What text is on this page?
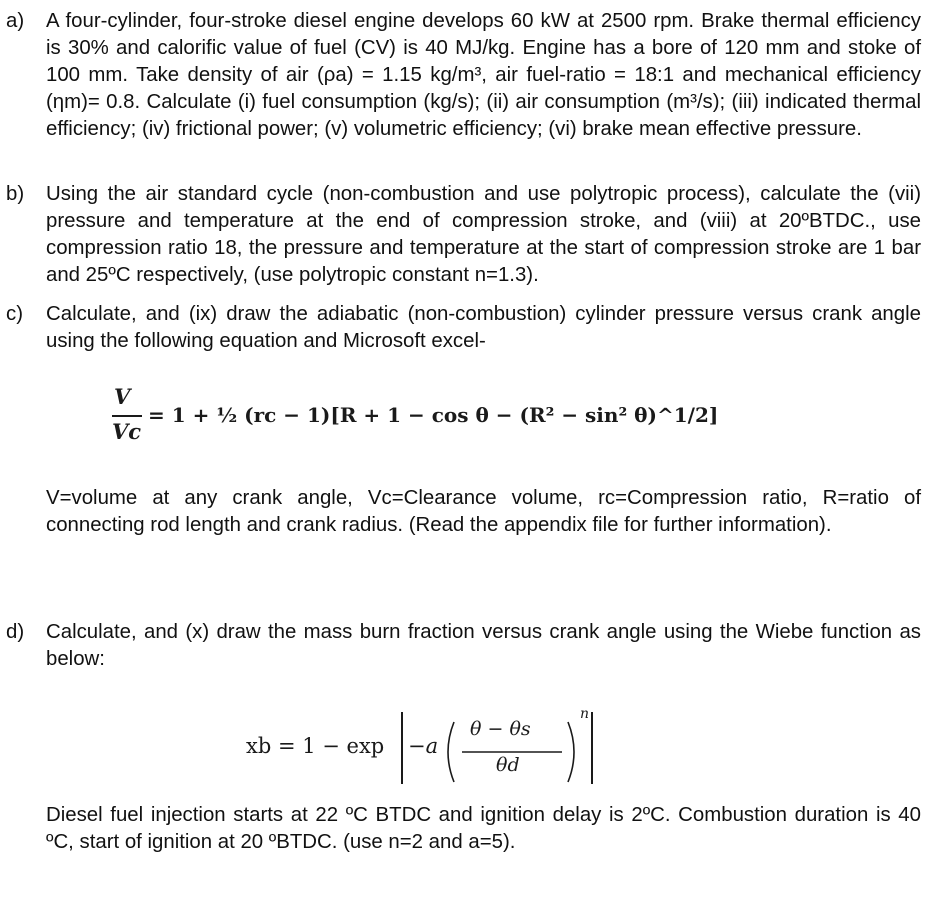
a) A four-cylinder, four-stroke diesel engine develops 60 kW at 2500 rpm. Brake thermal efficiency is 30% and calorific value of fuel (CV) is 40 MJ/kg. Engine has a bore of 120 mm and stoke of 100 mm. Take density of air (ρa) = 1.15 kg/m³, air fuel-ratio = 18:1 and mechanical efficiency (ηm)= 0.8. Calculate (i) fuel consumption (kg/s); (ii) air consumption (m³/s); (iii) indicated thermal efficiency; (iv) frictional power; (v) volumetric efficiency; (vi) brake mean effective pressure.

b) Using the air standard cycle (non-combustion and use polytropic process), calculate the (vii) pressure and temperature at the end of compression stroke, and (viii) at 20ºBTDC., use compression ratio 18, the pressure and temperature at the start of compression stroke are 1 bar and 25ºC respectively, (use polytropic constant n=1.3).

c) Calculate, and (ix) draw the adiabatic (non-combustion) cylinder pressure versus crank angle using the following equation and Microsoft excel-

V
Vc
= 1 + ½ (rc − 1)[R + 1 − cos θ − (R² − sin² θ)^1/2]

V=volume at any crank angle, Vc=Clearance volume, rc=Compression ratio, R=ratio of connecting rod length and crank radius. (Read the appendix file for further information).

d) Calculate, and (x) draw the mass burn fraction versus crank angle using the Wiebe function as below:

xb = 1 − exp −a
θ − θs
θd
n

Diesel fuel injection starts at 22 ºC BTDC and ignition delay is 2ºC. Combustion duration is 40 ºC, start of ignition at 20 ºBTDC. (use n=2 and a=5).
